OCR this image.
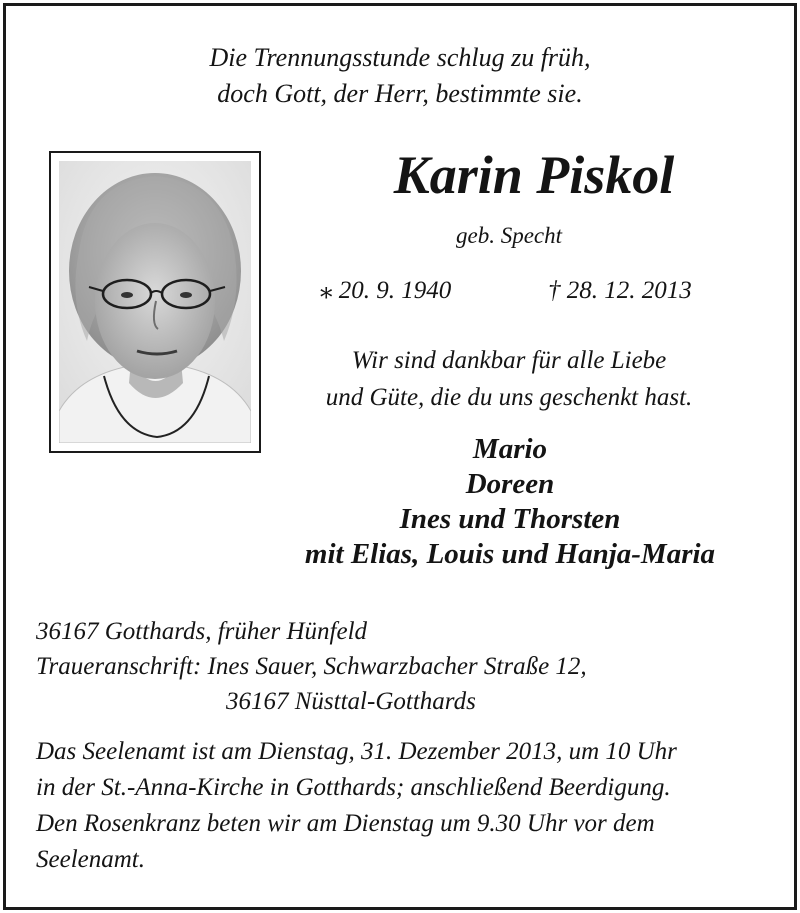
Die Trennungsstunde schlug zu früh,
doch Gott, der Herr, bestimmte sie.
Karin Piskol
geb. Specht
⁎ 20. 9. 1940	† 28. 12. 2013
Wir sind dankbar für alle Liebe
und Güte, die du uns geschenkt hast.
Mario
Doreen
Ines und Thorsten
mit Elias, Louis und Hanja-Maria
36167 Gotthards, früher Hünfeld
Traueranschrift: Ines Sauer, Schwarzbacher Straße 12,
36167 Nüsttal-Gotthards
Das Seelenamt ist am Dienstag, 31. Dezember 2013, um 10 Uhr
in der St.-Anna-Kirche in Gotthards; anschließend Beerdigung.
Den Rosenkranz beten wir am Dienstag um 9.30 Uhr vor dem
Seelenamt.
